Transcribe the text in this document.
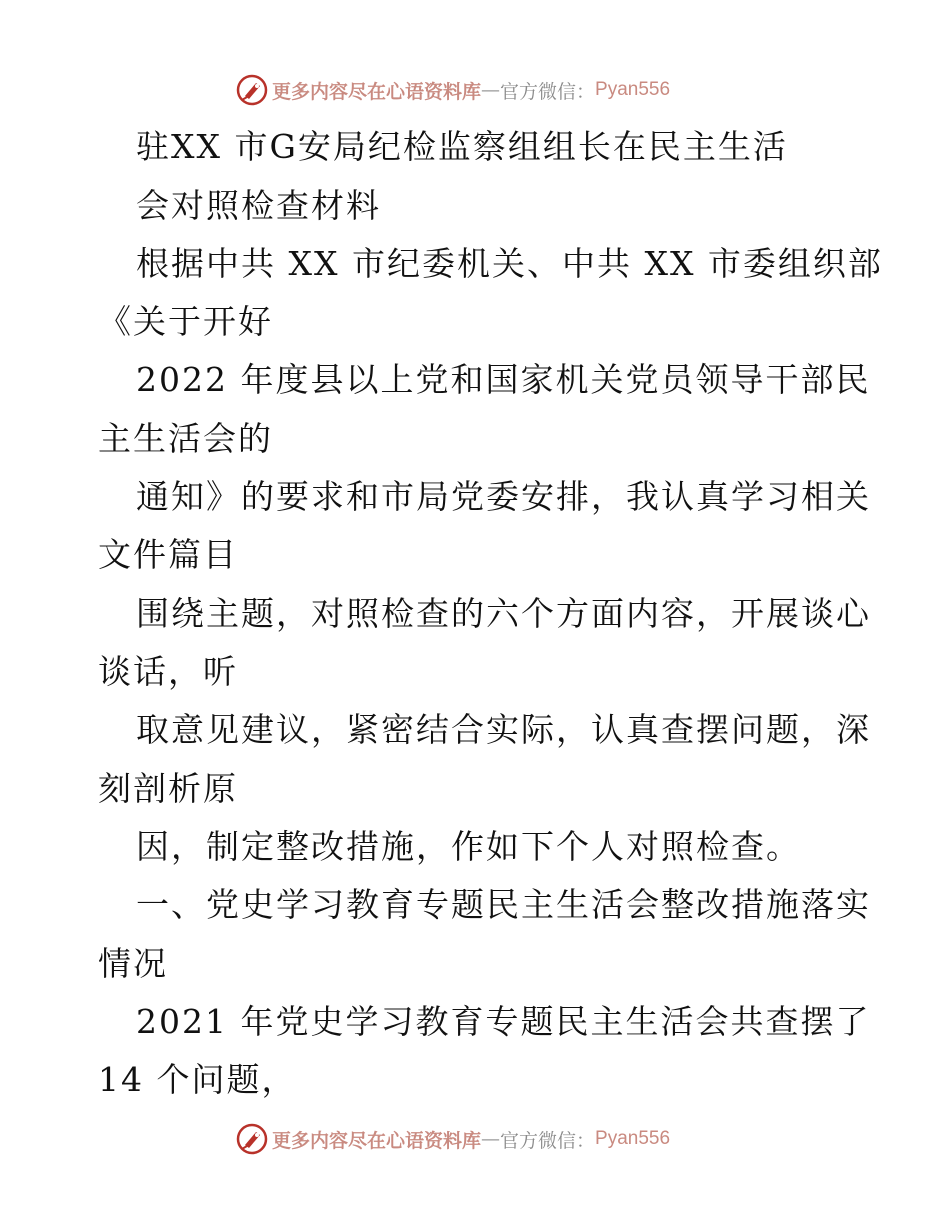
更多内容尽在心语资料库 — 官方微信： Pyan556
驻XX 市G安局纪检监察组组长在民主生活
会对照检查材料
根据中共 XX 市纪委机关、中共 XX 市委组织部
《关于开好
2022 年度县以上党和国家机关党员领导干部民
主生活会的
通知》的要求和市局党委安排，我认真学习相关
文件篇目
围绕主题，对照检查的六个方面内容，开展谈心
谈话，听
取意见建议，紧密结合实际，认真查摆问题，深
刻剖析原
因，制定整改措施，作如下个人对照检查。
一、党史学习教育专题民主生活会整改措施落实
情况
2021 年党史学习教育专题民主生活会共查摆了
14 个问题，
更多内容尽在心语资料库 — 官方微信： Pyan556
